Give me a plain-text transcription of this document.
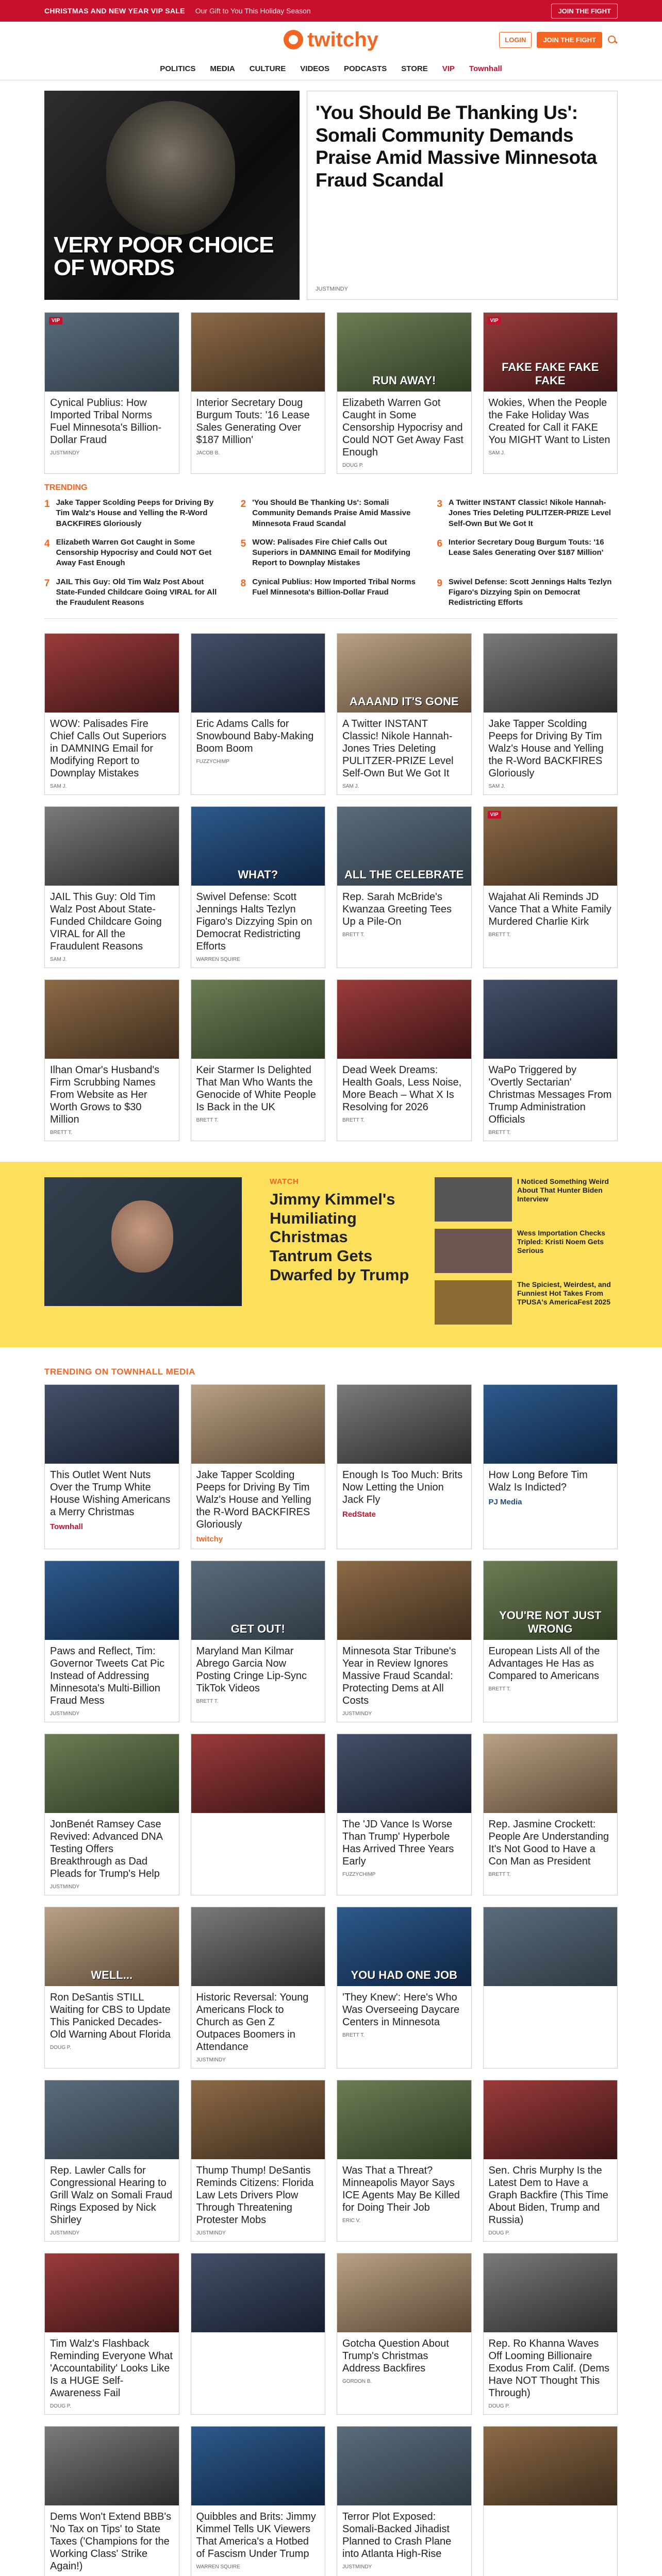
CHRISTMAS AND NEW YEAR VIP SALE Our Gift to You This Holiday Season	JOIN THE FIGHT
twitchy	LOGIN	JOIN THE FIGHT
POLITICS MEDIA CULTURE VIDEOS PODCASTS STORE VIP Townhall
VERY POOR CHOICE OF WORDS
'You Should Be Thanking Us': Somali Community Demands Praise Amid Massive Minnesota Fraud Scandal
JUSTMINDY
VIP
Cynical Publius: How Imported Tribal Norms Fuel Minnesota's Billion-Dollar Fraud
JUSTMINDY
Interior Secretary Doug Burgum Touts: '16 Lease Sales Generating Over $187 Million'
JACOB B.
RUN AWAY!
Elizabeth Warren Got Caught in Some Censorship Hypocrisy and Could NOT Get Away Fast Enough
DOUG P.
VIP
FAKE FAKE FAKE FAKE
Wokies, When the People the Fake Holiday Was Created for Call it FAKE You MIGHT Want to Listen
SAM J.
TRENDING
1 Jake Tapper Scolding Peeps for Driving By Tim Walz's House and Yelling the R-Word BACKFIRES Gloriously
2 'You Should Be Thanking Us': Somali Community Demands Praise Amid Massive Minnesota Fraud Scandal
3 A Twitter INSTANT Classic! Nikole Hannah-Jones Tries Deleting PULITZER-PRIZE Level Self-Own But We Got It
4 Elizabeth Warren Got Caught in Some Censorship Hypocrisy and Could NOT Get Away Fast Enough
5 WOW: Palisades Fire Chief Calls Out Superiors in DAMNING Email for Modifying Report to Downplay Mistakes
6 Interior Secretary Doug Burgum Touts: '16 Lease Sales Generating Over $187 Million'
7 JAIL This Guy: Old Tim Walz Post About State-Funded Childcare Going VIRAL for All the Fraudulent Reasons
8 Cynical Publius: How Imported Tribal Norms Fuel Minnesota's Billion-Dollar Fraud
9 Swivel Defense: Scott Jennings Halts Tezlyn Figaro's Dizzying Spin on Democrat Redistricting Efforts
WOW: Palisades Fire Chief Calls Out Superiors in DAMNING Email for Modifying Report to Downplay Mistakes
SAM J.
Eric Adams Calls for Snowbound Baby-Making Boom Boom
FUZZYCHIMP
AAAAND IT'S GONE
A Twitter INSTANT Classic! Nikole Hannah-Jones Tries Deleting PULITZER-PRIZE Level Self-Own But We Got It
SAM J.
Jake Tapper Scolding Peeps for Driving By Tim Walz's House and Yelling the R-Word BACKFIRES Gloriously
SAM J.
JAIL This Guy: Old Tim Walz Post About State-Funded Childcare Going VIRAL for All the Fraudulent Reasons
SAM J.
WHAT?
Swivel Defense: Scott Jennings Halts Tezlyn Figaro's Dizzying Spin on Democrat Redistricting Efforts
WARREN SQUIRE
ALL THE CELEBRATE
Rep. Sarah McBride's Kwanzaa Greeting Tees Up a Pile-On
BRETT T.
VIP
Wajahat Ali Reminds JD Vance That a White Family Murdered Charlie Kirk
BRETT T.
Ilhan Omar's Husband's Firm Scrubbing Names From Website as Her Worth Grows to $30 Million
BRETT T.
Keir Starmer Is Delighted That Man Who Wants the Genocide of White People Is Back in the UK
BRETT T.
Dead Week Dreams: Health Goals, Less Noise, More Beach – What X Is Resolving for 2026
BRETT T.
WaPo Triggered by 'Overtly Sectarian' Christmas Messages From Trump Administration Officials
BRETT T.
WATCH
Jimmy Kimmel's Humiliating Christmas Tantrum Gets Dwarfed by Trump
I Noticed Something Weird About That Hunter Biden Interview
Wess Importation Checks Tripled: Kristi Noem Gets Serious
The Spiciest, Weirdest, and Funniest Hot Takes From TPUSA's AmericaFest 2025
TRENDING ON TOWNHALL MEDIA
This Outlet Went Nuts Over the Trump White House Wishing Americans a Merry Christmas
Townhall
Jake Tapper Scolding Peeps for Driving By Tim Walz's House and Yelling the R-Word BACKFIRES Gloriously
twitchy
Enough Is Too Much: Brits Now Letting the Union Jack Fly
RedState
How Long Before Tim Walz Is Indicted?
PJ Media
Paws and Reflect, Tim: Governor Tweets Cat Pic Instead of Addressing Minnesota's Multi-Billion Fraud Mess
JUSTMINDY
GET OUT!
Maryland Man Kilmar Abrego Garcia Now Posting Cringe Lip-Sync TikTok Videos
BRETT T.
Minnesota Star Tribune's Year in Review Ignores Massive Fraud Scandal: Protecting Dems at All Costs
JUSTMINDY
YOU'RE NOT JUST WRONG
European Lists All of the Advantages He Has as Compared to Americans
BRETT T.
JonBenét Ramsey Case Revived: Advanced DNA Testing Offers Breakthrough as Dad Pleads for Trump's Help
JUSTMINDY
The 'JD Vance Is Worse Than Trump' Hyperbole Has Arrived Three Years Early
FUZZYCHIMP
Rep. Jasmine Crockett: People Are Understanding It's Not Good to Have a Con Man as President
BRETT T.
WELL...
Ron DeSantis STILL Waiting for CBS to Update This Panicked Decades-Old Warning About Florida
DOUG P.
Historic Reversal: Young Americans Flock to Church as Gen Z Outpaces Boomers in Attendance
JUSTMINDY
YOU HAD ONE JOB
'They Knew': Here's Who Was Overseeing Daycare Centers in Minnesota
BRETT T.
Rep. Lawler Calls for Congressional Hearing to Grill Walz on Somali Fraud Rings Exposed by Nick Shirley
JUSTMINDY
Thump Thump! DeSantis Reminds Citizens: Florida Law Lets Drivers Plow Through Threatening Protester Mobs
JUSTMINDY
Was That a Threat? Minneapolis Mayor Says ICE Agents May Be Killed for Doing Their Job
ERIC V.
Sen. Chris Murphy Is the Latest Dem to Have a Graph Backfire (This Time About Biden, Trump and Russia)
DOUG P.
Tim Walz's Flashback Reminding Everyone What 'Accountability' Looks Like Is a HUGE Self-Awareness Fail
DOUG P.
Gotcha Question About Trump's Christmas Address Backfires
GORDON B.
Rep. Ro Khanna Waves Off Looming Billionaire Exodus From Calif. (Dems Have NOT Thought This Through)
DOUG P.
Dems Won't Extend BBB's 'No Tax on Tips' to State Taxes ('Champions for the Working Class' Strike Again!)
Quibbles and Brits: Jimmy Kimmel Tells UK Viewers That America's a Hotbed of Fascism Under Trump
WARREN SQUIRE
Terror Plot Exposed: Somali-Backed Jihadist Planned to Crash Plane into Atlanta High-Rise
JUSTMINDY
